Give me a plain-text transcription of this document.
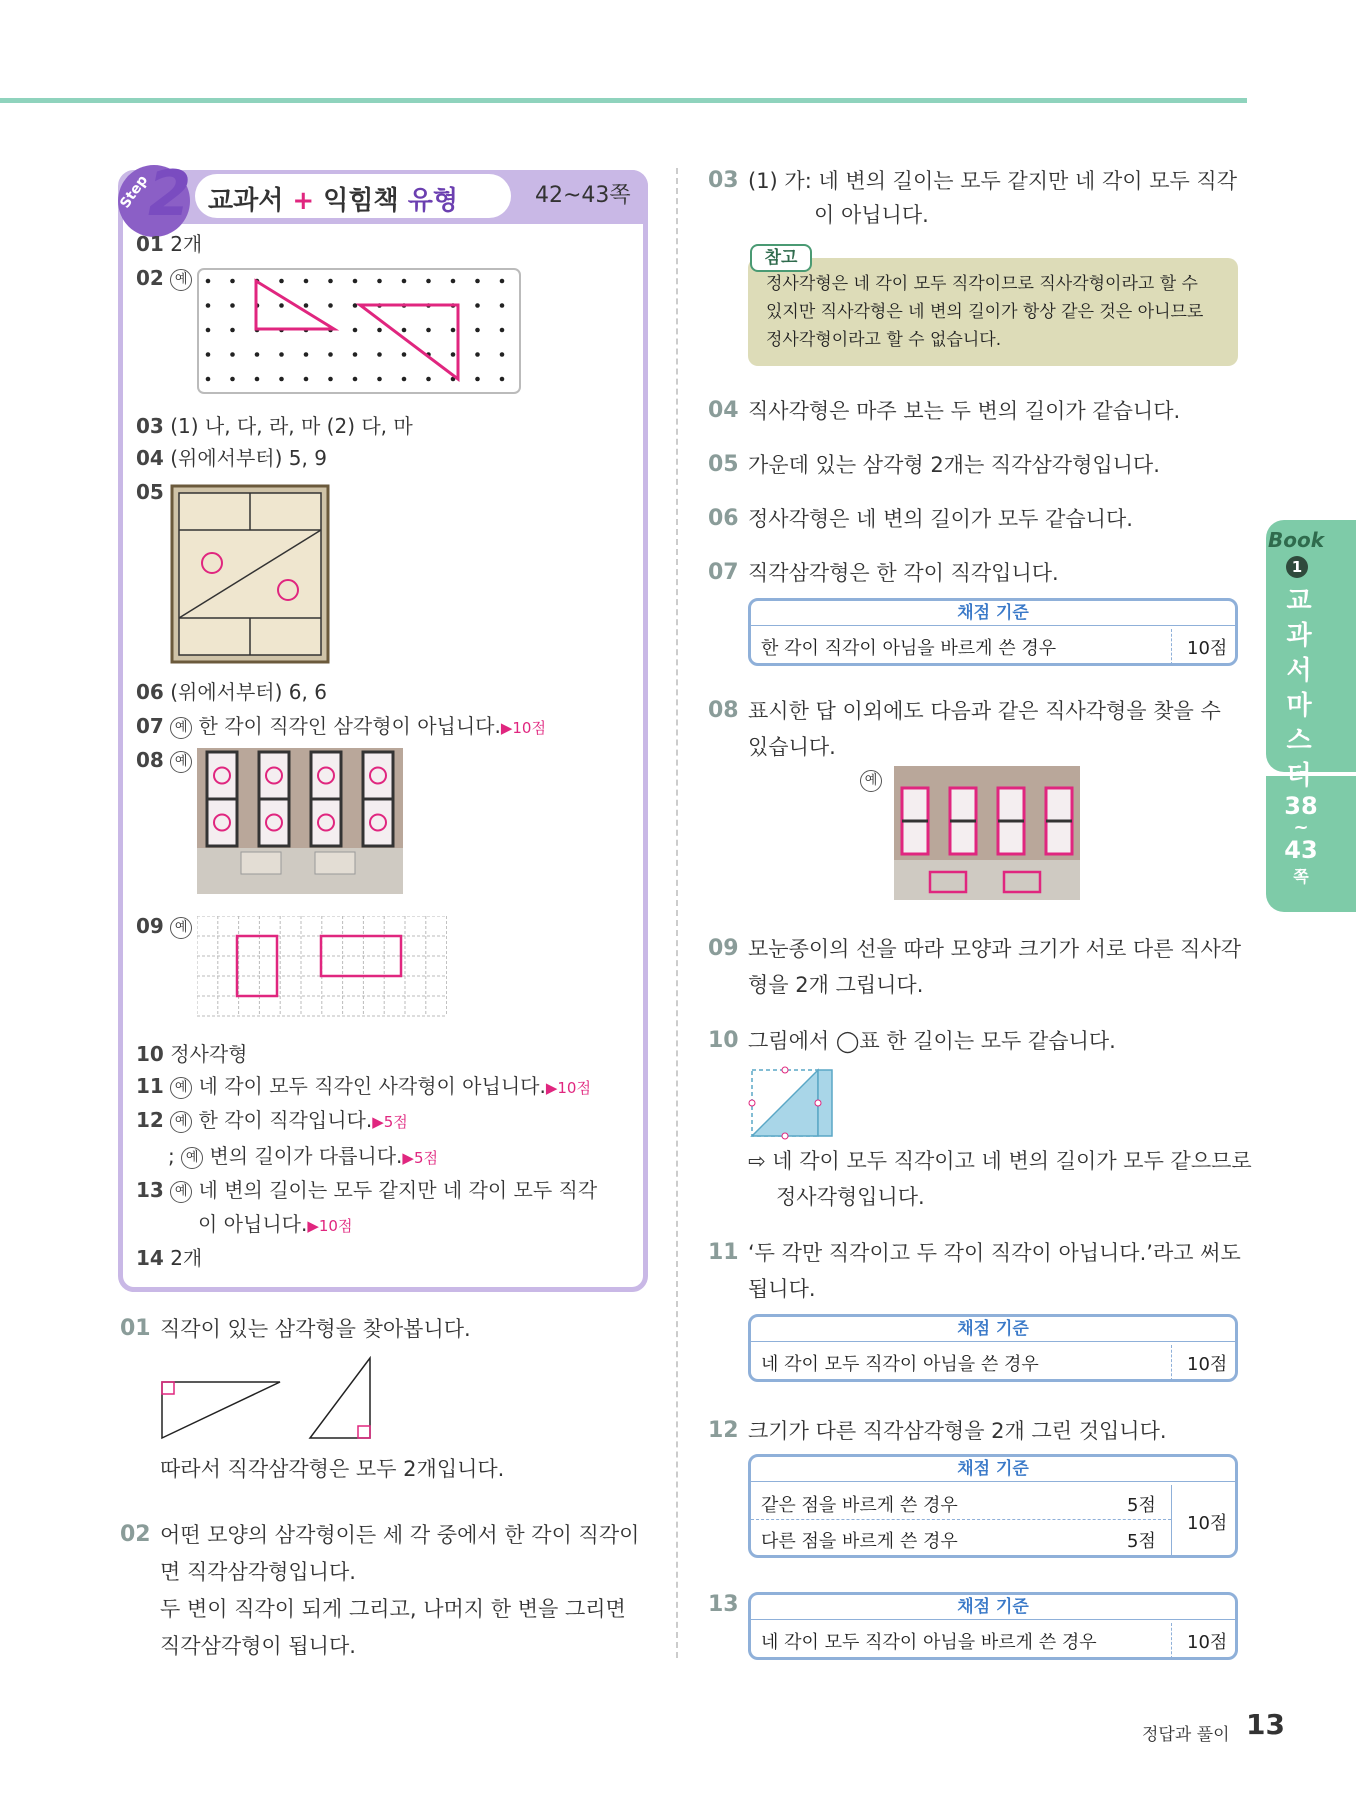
Step
2 교과서 + 익힘책 유형	42~43쪽
01 2개
02 예
03 (1) 나, 다, 라, 마 (2) 다, 마
04 (위에서부터) 5, 9
05
06 (위에서부터) 6, 6
07 예 한 각이 직각인 삼각형이 아닙니다.▶10점
08 예
09 예
10 정사각형
11 예 네 각이 모두 직각인 사각형이 아닙니다.▶10점
12 예 한 각이 직각입니다.▶5점
; 예 변의 길이가 다릅니다.▶5점
13 예 네 변의 길이는 모두 같지만 네 각이 모두 직각
이 아닙니다.▶10점
14 2개
01 직각이 있는 삼각형을 찾아봅니다.
따라서 직각삼각형은 모두 2개입니다.
02 어떤 모양의 삼각형이든 세 각 중에서 한 각이 직각이
면 직각삼각형입니다.
두 변이 직각이 되게 그리고, 나머지 한 변을 그리면
직각삼각형이 됩니다.
03 (1) 가: 네 변의 길이는 모두 같지만 네 각이 모두 직각
이 아닙니다.
참고
정사각형은 네 각이 모두 직각이므로 직사각형이라고 할 수
있지만 직사각형은 네 변의 길이가 항상 같은 것은 아니므로
정사각형이라고 할 수 없습니다.
04 직사각형은 마주 보는 두 변의 길이가 같습니다.
05 가운데 있는 삼각형 2개는 직각삼각형입니다.
06 정사각형은 네 변의 길이가 모두 같습니다.
07 직각삼각형은 한 각이 직각입니다.
채점 기준
한 각이 직각이 아님을 바르게 쓴 경우	10점
08 표시한 답 이외에도 다음과 같은 직사각형을 찾을 수
있습니다.
예
09 모눈종이의 선을 따라 모양과 크기가 서로 다른 직사각
형을 2개 그립니다.
10 그림에서 ◯표 한 길이는 모두 같습니다.
⇨ 네 각이 모두 직각이고 네 변의 길이가 모두 같으므로
정사각형입니다.
11 ‘두 각만 직각이고 두 각이 직각이 아닙니다.’라고 써도
됩니다.
채점 기준
네 각이 모두 직각이 아님을 쓴 경우	10점
12 크기가 다른 직각삼각형을 2개 그린 것입니다.
채점 기준
같은 점을 바르게 쓴 경우	5점
다른 점을 바르게 쓴 경우	5점
10점
13	채점 기준
네 각이 모두 직각이 아님을 바르게 쓴 경우	10점
Book
1
교
과
서
마
스
터
38
~
43
쪽
정답과 풀이 13
